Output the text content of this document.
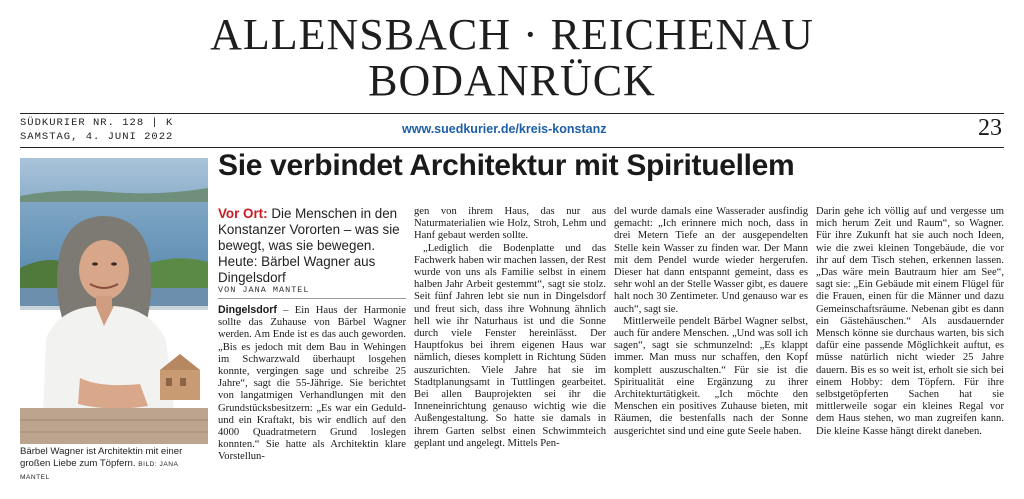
ALLENSBACH · REICHENAU
BODANRÜCK
SÜDKURIER NR. 128 | K
SAMSTAG, 4. JUNI 2022
www.suedkurier.de/kreis-konstanz	23
Bärbel Wagner ist Architektin mit einer großen Liebe zum Töpfern. BILD: JANA MANTEL
Sie verbindet Architektur mit Spirituellem
Vor Ort: Die Menschen in den Konstanzer Vororten – was sie bewegt, was sie bewegen. Heute: Bärbel Wagner aus Dingelsdorf
VON JANA MANTEL

Dingelsdorf – Ein Haus der Harmonie sollte das Zuhause von Bärbel Wagner werden. Am Ende ist es das auch geworden. „Bis es jedoch mit dem Bau in Wehingen im Schwarzwald überhaupt losgehen konnte, vergingen sage und schreibe 25 Jahre“, sagt die 55-Jährige. Sie berichtet von langatmigen Verhandlungen mit den Grundstücksbesitzern: „Es war ein Geduld- und ein Kraftakt, bis wir endlich auf den 4000 Quadratmetern Grund loslegen konnten.“ Sie hatte als Architektin klare Vorstellun-

gen von ihrem Haus, das nur aus Naturmaterialien wie Holz, Stroh, Lehm und Hanf gebaut werden sollte.

„Lediglich die Bodenplatte und das Fachwerk haben wir machen lassen, der Rest wurde von uns als Familie selbst in einem halben Jahr Arbeit gestemmt“, sagt sie stolz. Seit fünf Jahren lebt sie nun in Dingelsdorf und freut sich, dass ihre Wohnung ähnlich hell wie ihr Naturhaus ist und die Sonne durch viele Fenster hereinlässt. Der Hauptfokus bei ihrem eigenen Haus war nämlich, dieses komplett in Richtung Süden auszurichten. Viele Jahre hat sie im Stadtplanungsamt in Tuttlingen gearbeitet. Bei allen Bauprojekten sei ihr die Inneneinrichtung genauso wichtig wie die Außengestaltung. So hatte sie damals in ihrem Garten selbst einen Schwimmteich geplant und angelegt. Mittels Pen-

del wurde damals eine Wasserader ausfindig gemacht: „Ich erinnere mich noch, dass in drei Metern Tiefe an der ausgependelten Stelle kein Wasser zu finden war. Der Mann mit dem Pendel wurde wieder hergerufen. Dieser hat dann entspannt gemeint, dass es sehr wohl an der Stelle Wasser gibt, es dauere halt noch 30 Zentimeter. Und genauso war es auch“, sagt sie.

Mittlerweile pendelt Bärbel Wagner selbst, auch für andere Menschen. „Und was soll ich sagen“, sagt sie schmunzelnd: „Es klappt immer. Man muss nur schaffen, den Kopf komplett auszuschalten.“ Für sie ist die Spiritualität eine Ergänzung zu ihrer Architekturtätigkeit. „Ich möchte den Menschen ein positives Zuhause bieten, mit Räumen, die bestenfalls nach der Sonne ausgerichtet sind und eine gute Seele haben.

Darin gehe ich völlig auf und vergesse um mich herum Zeit und Raum“, so Wagner. Für ihre Zukunft hat sie auch noch Ideen, wie die zwei kleinen Tongebäude, die vor ihr auf dem Tisch stehen, erkennen lassen. „Das wäre mein Bautraum hier am See“, sagt sie: „Ein Gebäude mit einem Flügel für die Frauen, einen für die Männer und dazu Gemeinschaftsräume. Nebenan gibt es dann ein Gästehäuschen.“ Als ausdauernder Mensch könne sie durchaus warten, bis sich dafür eine passende Möglichkeit auftut, es müsse natürlich nicht wieder 25 Jahre dauern. Bis es so weit ist, erholt sie sich bei einem Hobby: dem Töpfern. Für ihre selbstgetöpferten Sachen hat sie mittlerweile sogar ein kleines Regal vor dem Haus stehen, wo man zugreifen kann. Die kleine Kasse hängt direkt daneben.
